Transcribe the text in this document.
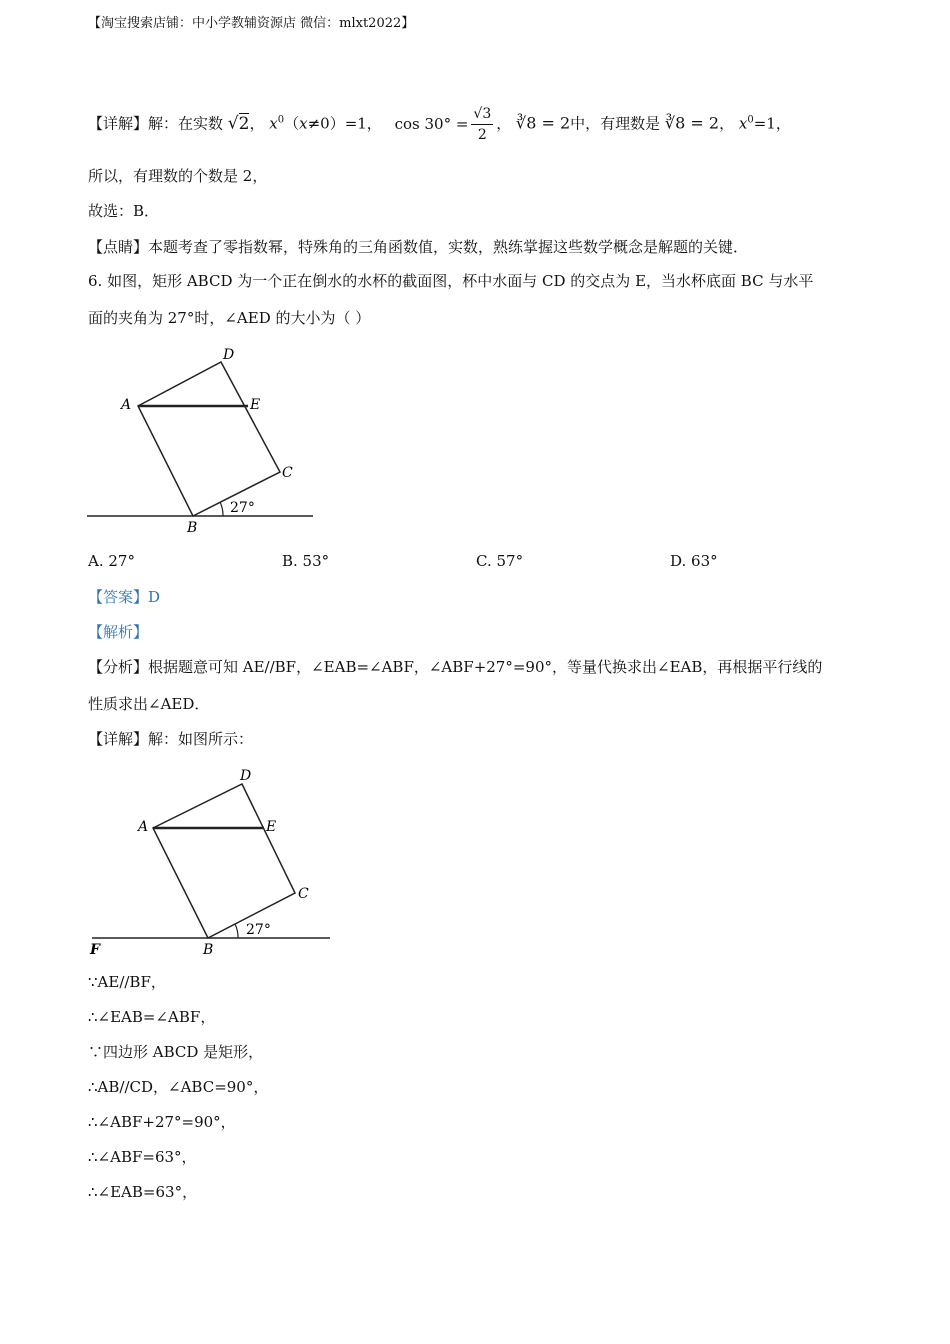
【淘宝搜索店铺：中小学教辅资源店 微信：mlxt2022】
【详解】解：在实数 √2， $x^0(x\ne 0)=1$， $\cos 30^\circ = \frac{√3}{2}$ ， ∛8 = 2中，有理数是 ∛8 = 2， $x^0=1$，
所以，有理数的个数是 2，
故选：B．
【点睛】本题考查了零指数幂，特殊角的三角函数值，实数，熟练掌握这些数学概念是解题的关键．
6. 如图，矩形 ABCD 为一个正在倒水的水杯的截面图，杯中水面与 CD 的交点为 E，当水杯底面 BC 与水平
面的夹角为 27°时，∠AED 的大小为（ ）
D
A	E
C
B
27°
A. 27°	B. 53°	C. 57°	D. 63°
【答案】D
【解析】
【分析】根据题意可知 AE//BF，∠EAB=∠ABF，∠ABF+27°=90°，等量代换求出∠EAB，再根据平行线的
性质求出∠AED．
【详解】解：如图所示：
D
A	E
C
B
F
27°
∵AE//BF，
∴∠EAB=∠ABF，
∵四边形 ABCD 是矩形，
∴AB//CD，∠ABC=90°，
∴∠ABF+27°=90°，
∴∠ABF=63°，
∴∠EAB=63°，
